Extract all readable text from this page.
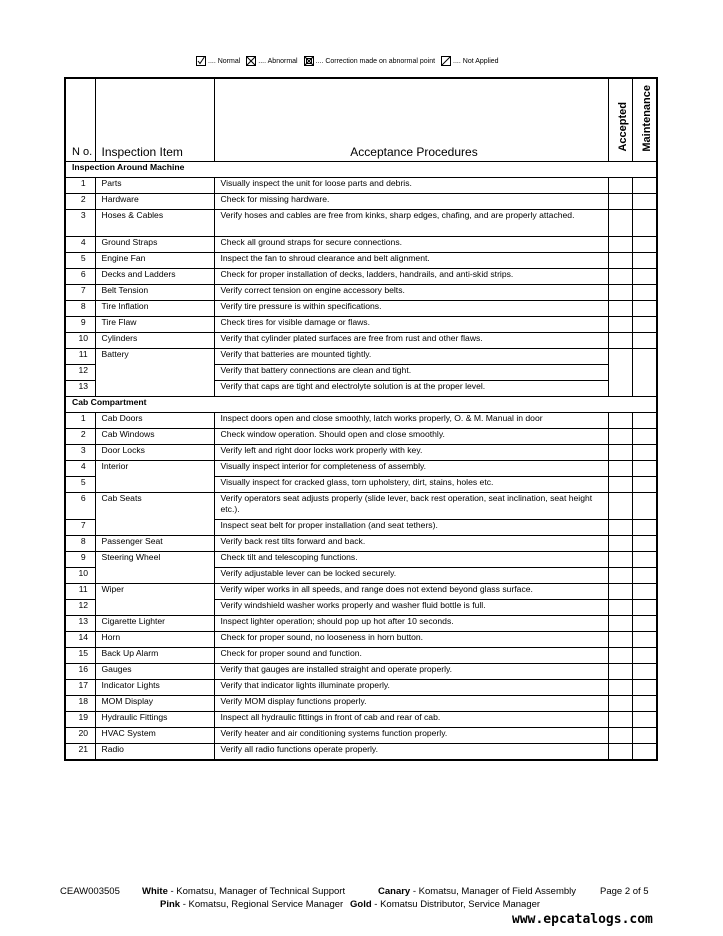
.... Normal	.... Abnormal	.... Correction made on abnormal point	.... Not Applied
N o.	Inspection Item	Acceptance Procedures	Accepted	Maintenance

Inspection Around Machine				
1	Parts	Visually inspect the unit for loose parts and debris.		
2	Hardware	Check for missing hardware.		
3	Hoses & Cables	Verify hoses and cables are free from kinks, sharp edges, chafing, and are properly attached.		
4	Ground Straps	Check all ground straps for secure connections.		
5	Engine Fan	Inspect the fan to shroud clearance and belt alignment.		
6	Decks and Ladders	Check for proper installation of decks, ladders, handrails, and anti-skid strips.		
7	Belt Tension	Verify correct tension on engine accessory belts.		
8	Tire Inflation	Verify tire pressure is within specifications.		
9	Tire Flaw	Check tires for visible damage or flaws.		
10	Cylinders	Verify that cylinder plated surfaces are free from rust and other flaws.		
11	Battery	Verify that batteries are mounted tightly.		
12		Verify that battery connections are clean and tight.		
13		Verify that caps are tight and electrolyte solution is at the proper level.		
Cab Compartment				
1	Cab Doors	Inspect doors open and close smoothly, latch works properly, O. & M. Manual in door		
2	Cab Windows	Check window operation. Should open and close smoothly.		
3	Door Locks	Verify left and right door locks work properly with key.		
4	Interior	Visually inspect interior for completeness of assembly.		
5		Visually inspect for cracked glass, torn upholstery, dirt, stains, holes etc.		
6	Cab Seats	Verify operators seat adjusts properly (slide lever, back rest operation, seat inclination, seat height etc.).		
7		Inspect seat belt for proper installation (and seat tethers).		
8	Passenger Seat	Verify back rest tilts forward and back.		
9	Steering Wheel	Check tilt and telescoping functions.		
10		Verify adjustable lever can be locked securely.		
11	Wiper	Verify wiper works in all speeds, and range does not extend beyond glass surface.		
12		Verify windshield washer works properly and washer fluid bottle is full.		
13	Cigarette Lighter	Inspect lighter operation; should pop up hot after 10 seconds.		
14	Horn	Check for proper sound, no looseness in horn button.		
15	Back Up Alarm	Check for proper sound and function.		
16	Gauges	Verify that gauges are installed straight and operate properly.		
17	Indicator Lights	Verify that indicator lights illuminate properly.		
18	MOM Display	Verify MOM display functions properly.		
19	Hydraulic Fittings	Inspect all hydraulic fittings in front of cab and rear of cab.		
20	HVAC System	Verify heater and air conditioning systems function properly.		
21	Radio	Verify all radio functions operate properly.		
CEAW003505	White - Komatsu, Manager of Technical Support	Canary - Komatsu, Manager of Field Assembly	Page 2 of 5
Pink - Komatsu, Regional Service Manager Gold - Komatsu Distributor, Service Manager
www.epcatalogs.com
